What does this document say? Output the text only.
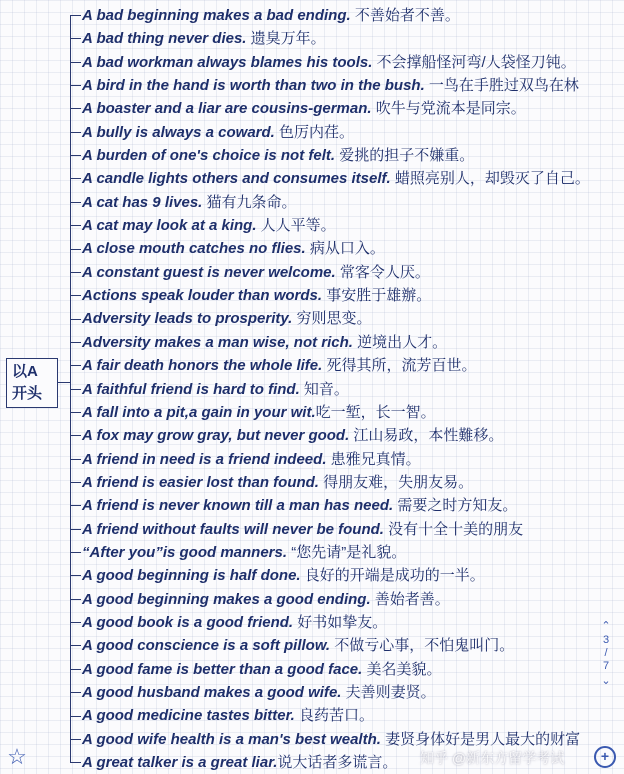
以A
开头
A bad beginning makes a bad ending. 不善始者不善。
A bad thing never dies. 遗臭万年。
A bad workman always blames his tools. 不会撑船怪河弯/人袋怪刀钝。
A bird in the hand is worth than two in the bush. 一鸟在手胜过双鸟在林
A boaster and a liar are cousins-german. 吹牛与党流本是同宗。
A bully is always a coward. 色厉内荏。
A burden of one's choice is not felt. 爱挑的担子不嫌重。
A candle lights others and consumes itself. 蜡照亮别人，却毁灭了自己。
A cat has 9 lives. 猫有九条命。
A cat may look at a king. 人人平等。
A close mouth catches no flies. 病从口入。
A constant guest is never welcome. 常客令人厌。
Actions speak louder than words. 事安胜于雄辦。
Adversity leads to prosperity. 穷则思变。
Adversity makes a man wise, not rich. 逆境出人才。
A fair death honors the whole life. 死得其所，流芳百世。
A faithful friend is hard to find. 知音。
A fall into a pit,a gain in your wit.吃一堑，长一智。
A fox may grow gray, but never good. 江山易政，本性難移。
A friend in need is a friend indeed. 患雅兄真情。
A friend is easier lost than found. 得朋友难，失朋友易。
A friend is never known till a man has need. 需要之时方知友。
A friend without faults will never be found. 没有十全十美的朋友
“After you”is good manners. “您先请”是礼貌。
A good beginning is half done. 良好的开端是成功的一半。
A good beginning makes a good ending. 善始者善。
A good book is a good friend. 好书如挚友。
A good conscience is a soft pillow. 不做亏心事，不怕鬼叫门。
A good fame is better than a good face. 美名美貌。
A good husband makes a good wife. 夫善则妻贤。
A good medicine tastes bitter. 良药苦口。
A good wife health is a man's best wealth. 妻贤身体好是男人最大的财富
A great talker is a great liar.说大话者多谎言。
⌃
3
/
7
⌄
☆	知乎 @新东方留学考试	+
